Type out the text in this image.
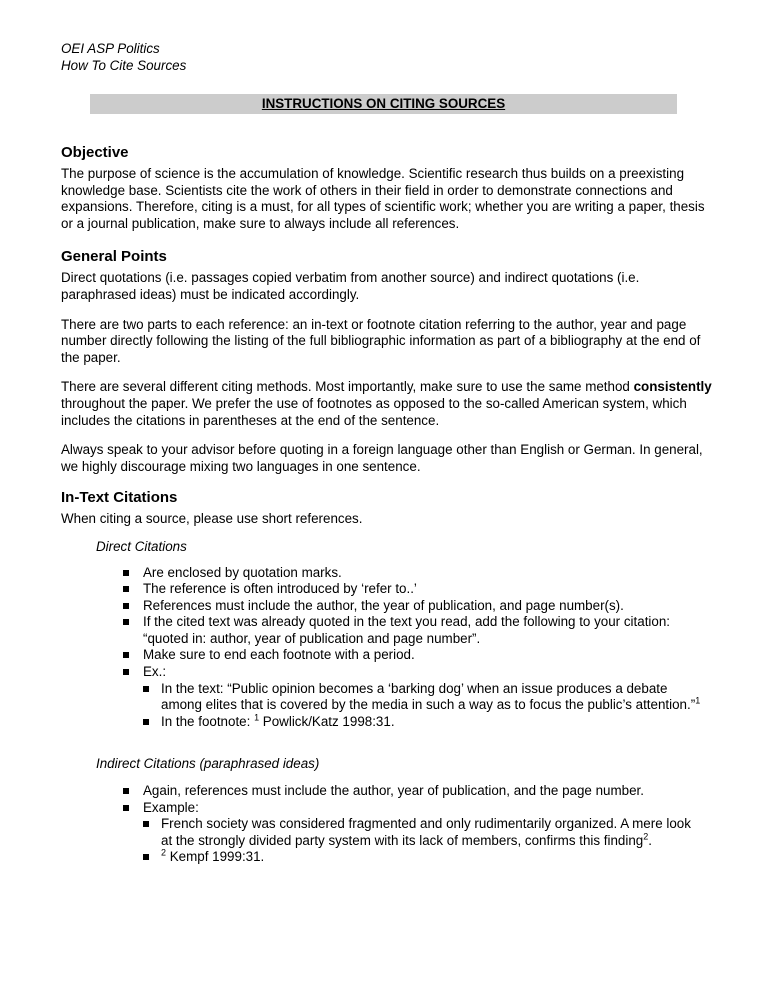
OEI ASP Politics
How To Cite Sources
INSTRUCTIONS ON CITING SOURCES
Objective

The purpose of science is the accumulation of knowledge. Scientific research thus builds on a preexisting knowledge base. Scientists cite the work of others in their field in order to demonstrate connections and expansions. Therefore, citing is a must, for all types of scientific work; whether you are writing a paper, thesis or a journal publication, make sure to always include all references.

General Points

Direct quotations (i.e. passages copied verbatim from another source) and indirect quotations (i.e. paraphrased ideas) must be indicated accordingly.

There are two parts to each reference: an in-text or footnote citation referring to the author, year and page number directly following the listing of the full bibliographic information as part of a bibliography at the end of the paper.

There are several different citing methods. Most importantly, make sure to use the same method consistently throughout the paper. We prefer the use of footnotes as opposed to the so-called American system, which includes the citations in parentheses at the end of the sentence.

Always speak to your advisor before quoting in a foreign language other than English or German. In general, we highly discourage mixing two languages in one sentence.

In-Text Citations

When citing a source, please use short references.

Direct Citations
Are enclosed by quotation marks.
The reference is often introduced by ‘refer to..’
References must include the author, the year of publication, and page number(s).
If the cited text was already quoted in the text you read, add the following to your citation: “quoted in: author, year of publication and page number”.
Make sure to end each footnote with a period.
Ex.:
In the text: “Public opinion becomes a ‘barking dog’ when an issue produces a debate among elites that is covered by the media in such a way as to focus the public’s attention.”$^1$
In the footnote: $^1$ Powlick/Katz 1998:31.
Indirect Citations (paraphrased ideas)
Again, references must include the author, year of publication, and the page number.
Example:
French society was considered fragmented and only rudimentarily organized. A mere look at the strongly divided party system with its lack of members, confirms this finding$^2$.
$^2$ Kempf 1999:31.
